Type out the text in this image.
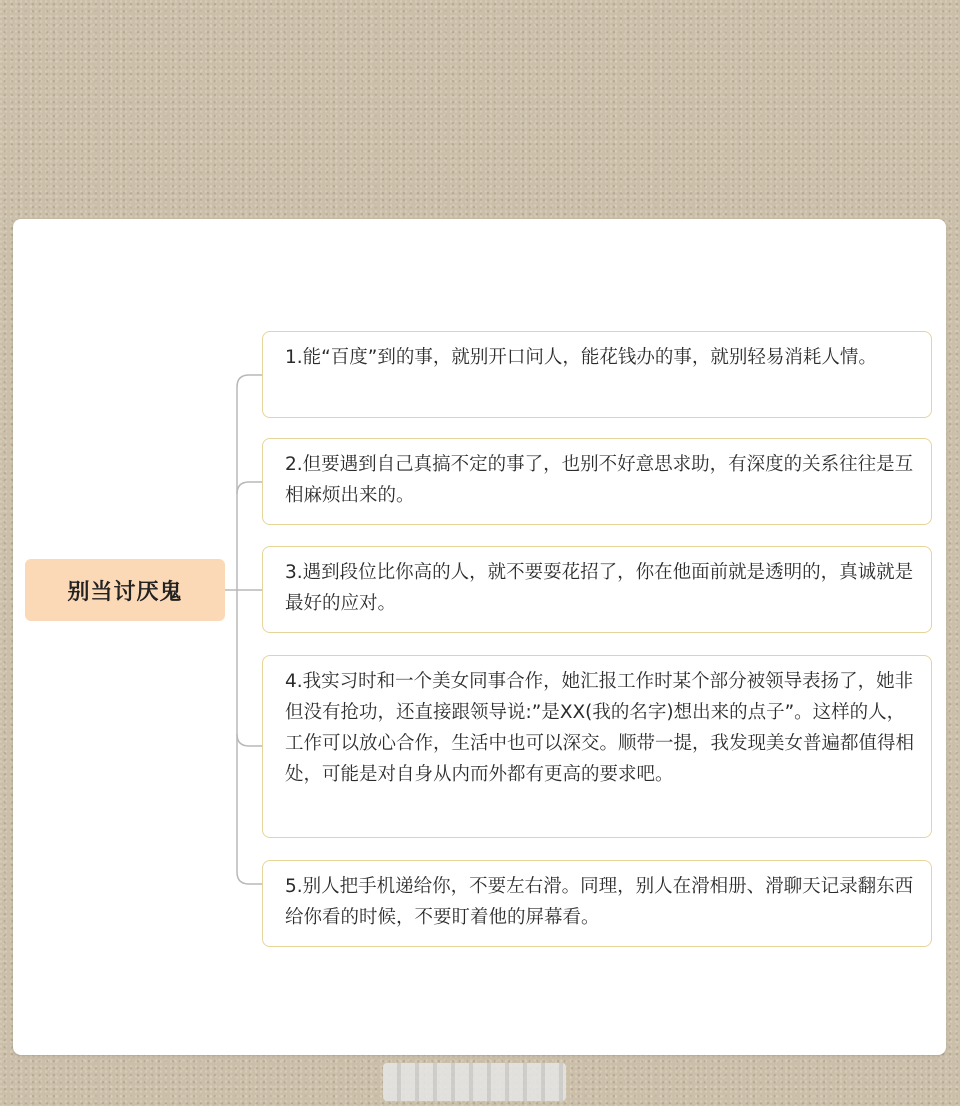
别当讨厌鬼
1.能“百度”到的事，就别开口问人，能花钱办的事，就别轻易消耗人情。
2.但要遇到自己真搞不定的事了，也别不好意思求助，有深度的关系往往是互相麻烦出来的。
3.遇到段位比你高的人，就不要耍花招了，你在他面前就是透明的，真诚就是最好的应对。
4.我实习时和一个美女同事合作，她汇报工作时某个部分被领导表扬了，她非但没有抢功，还直接跟领导说:”是XX(我的名字)想出来的点子”。这样的人，工作可以放心合作，生活中也可以深交。顺带一提，我发现美女普遍都值得相处，可能是对自身从内而外都有更高的要求吧。
5.别人把手机递给你，不要左右滑。同理，别人在滑相册、滑聊天记录翻东西给你看的时候，不要盯着他的屏幕看。
